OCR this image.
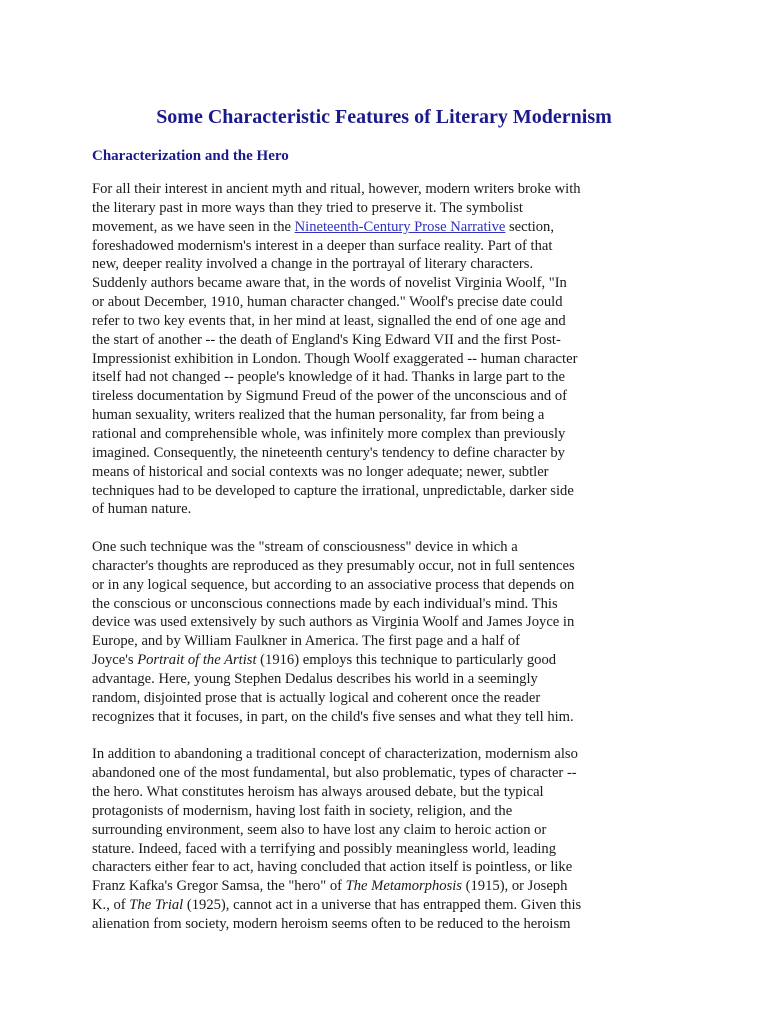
Some Characteristic Features of Literary Modernism
Characterization and the Hero

For all their interest in ancient myth and ritual, however, modern writers broke with
the literary past in more ways than they tried to preserve it. The symbolist
movement, as we have seen in the Nineteenth-Century Prose Narrative section,
foreshadowed modernism's interest in a deeper than surface reality. Part of that
new, deeper reality involved a change in the portrayal of literary characters.
Suddenly authors became aware that, in the words of novelist Virginia Woolf, "In
or about December, 1910, human character changed." Woolf's precise date could
refer to two key events that, in her mind at least, signalled the end of one age and
the start of another -- the death of England's King Edward VII and the first Post-
Impressionist exhibition in London. Though Woolf exaggerated -- human character
itself had not changed -- people's knowledge of it had. Thanks in large part to the
tireless documentation by Sigmund Freud of the power of the unconscious and of
human sexuality, writers realized that the human personality, far from being a
rational and comprehensible whole, was infinitely more complex than previously
imagined. Consequently, the nineteenth century's tendency to define character by
means of historical and social contexts was no longer adequate; newer, subtler
techniques had to be developed to capture the irrational, unpredictable, darker side
of human nature.

One such technique was the "stream of consciousness" device in which a
character's thoughts are reproduced as they presumably occur, not in full sentences
or in any logical sequence, but according to an associative process that depends on
the conscious or unconscious connections made by each individual's mind. This
device was used extensively by such authors as Virginia Woolf and James Joyce in
Europe, and by William Faulkner in America. The first page and a half of
Joyce's Portrait of the Artist (1916) employs this technique to particularly good
advantage. Here, young Stephen Dedalus describes his world in a seemingly
random, disjointed prose that is actually logical and coherent once the reader
recognizes that it focuses, in part, on the child's five senses and what they tell him.

In addition to abandoning a traditional concept of characterization, modernism also
abandoned one of the most fundamental, but also problematic, types of character --
the hero. What constitutes heroism has always aroused debate, but the typical
protagonists of modernism, having lost faith in society, religion, and the
surrounding environment, seem also to have lost any claim to heroic action or
stature. Indeed, faced with a terrifying and possibly meaningless world, leading
characters either fear to act, having concluded that action itself is pointless, or like
Franz Kafka's Gregor Samsa, the "hero" of The Metamorphosis (1915), or Joseph
K., of The Trial (1925), cannot act in a universe that has entrapped them. Given this
alienation from society, modern heroism seems often to be reduced to the heroism
